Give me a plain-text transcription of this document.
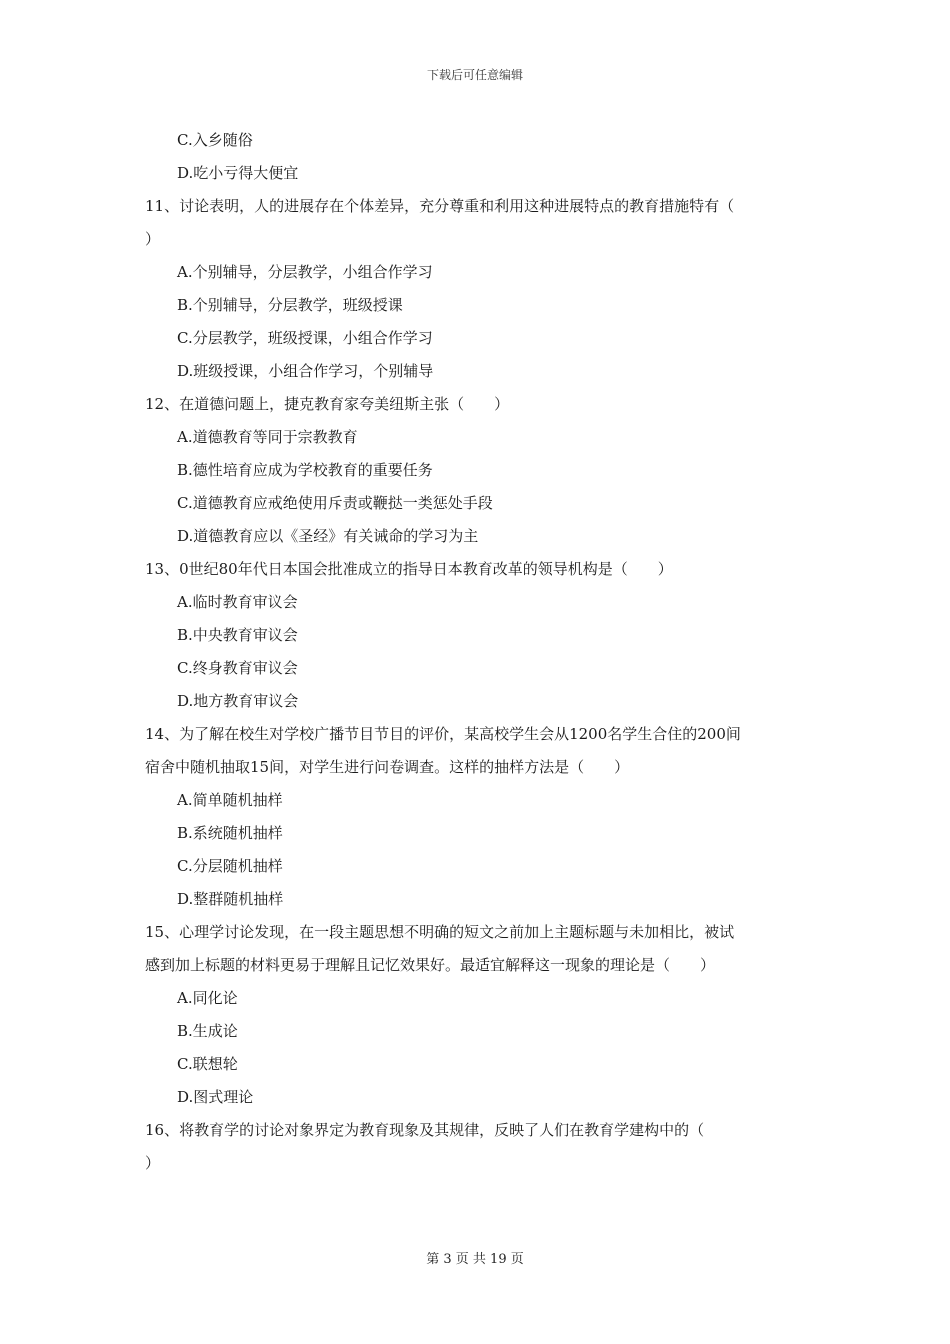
下载后可任意编辑
C.入乡随俗
D.吃小亏得大便宜
11、讨论表明，人的进展存在个体差异，充分尊重和利用这种进展特点的教育措施特有（
）
A.个别辅导，分层教学，小组合作学习
B.个别辅导，分层教学，班级授课
C.分层教学，班级授课，小组合作学习
D.班级授课，小组合作学习，个别辅导
12、在道德问题上，捷克教育家夸美纽斯主张（　　）
A.道德教育等同于宗教教育
B.德性培育应成为学校教育的重要任务
C.道德教育应戒绝使用斥责或鞭挞一类惩处手段
D.道德教育应以《圣经》有关诫命的学习为主
13、0世纪80年代日本国会批准成立的指导日本教育改革的领导机构是（　　）
A.临时教育审议会
B.中央教育审议会
C.终身教育审议会
D.地方教育审议会
14、为了解在校生对学校广播节目节目的评价，某高校学生会从1200名学生合住的200间
宿舍中随机抽取15间，对学生进行问卷调查。这样的抽样方法是（　　）
A.简单随机抽样
B.系统随机抽样
C.分层随机抽样
D.整群随机抽样
15、心理学讨论发现，在一段主题思想不明确的短文之前加上主题标题与未加相比，被试
感到加上标题的材料更易于理解且记忆效果好。最适宜解释这一现象的理论是（　　）
A.同化论
B.生成论
C.联想轮
D.图式理论
16、将教育学的讨论对象界定为教育现象及其规律，反映了人们在教育学建构中的（
）
第 3 页 共 19 页
